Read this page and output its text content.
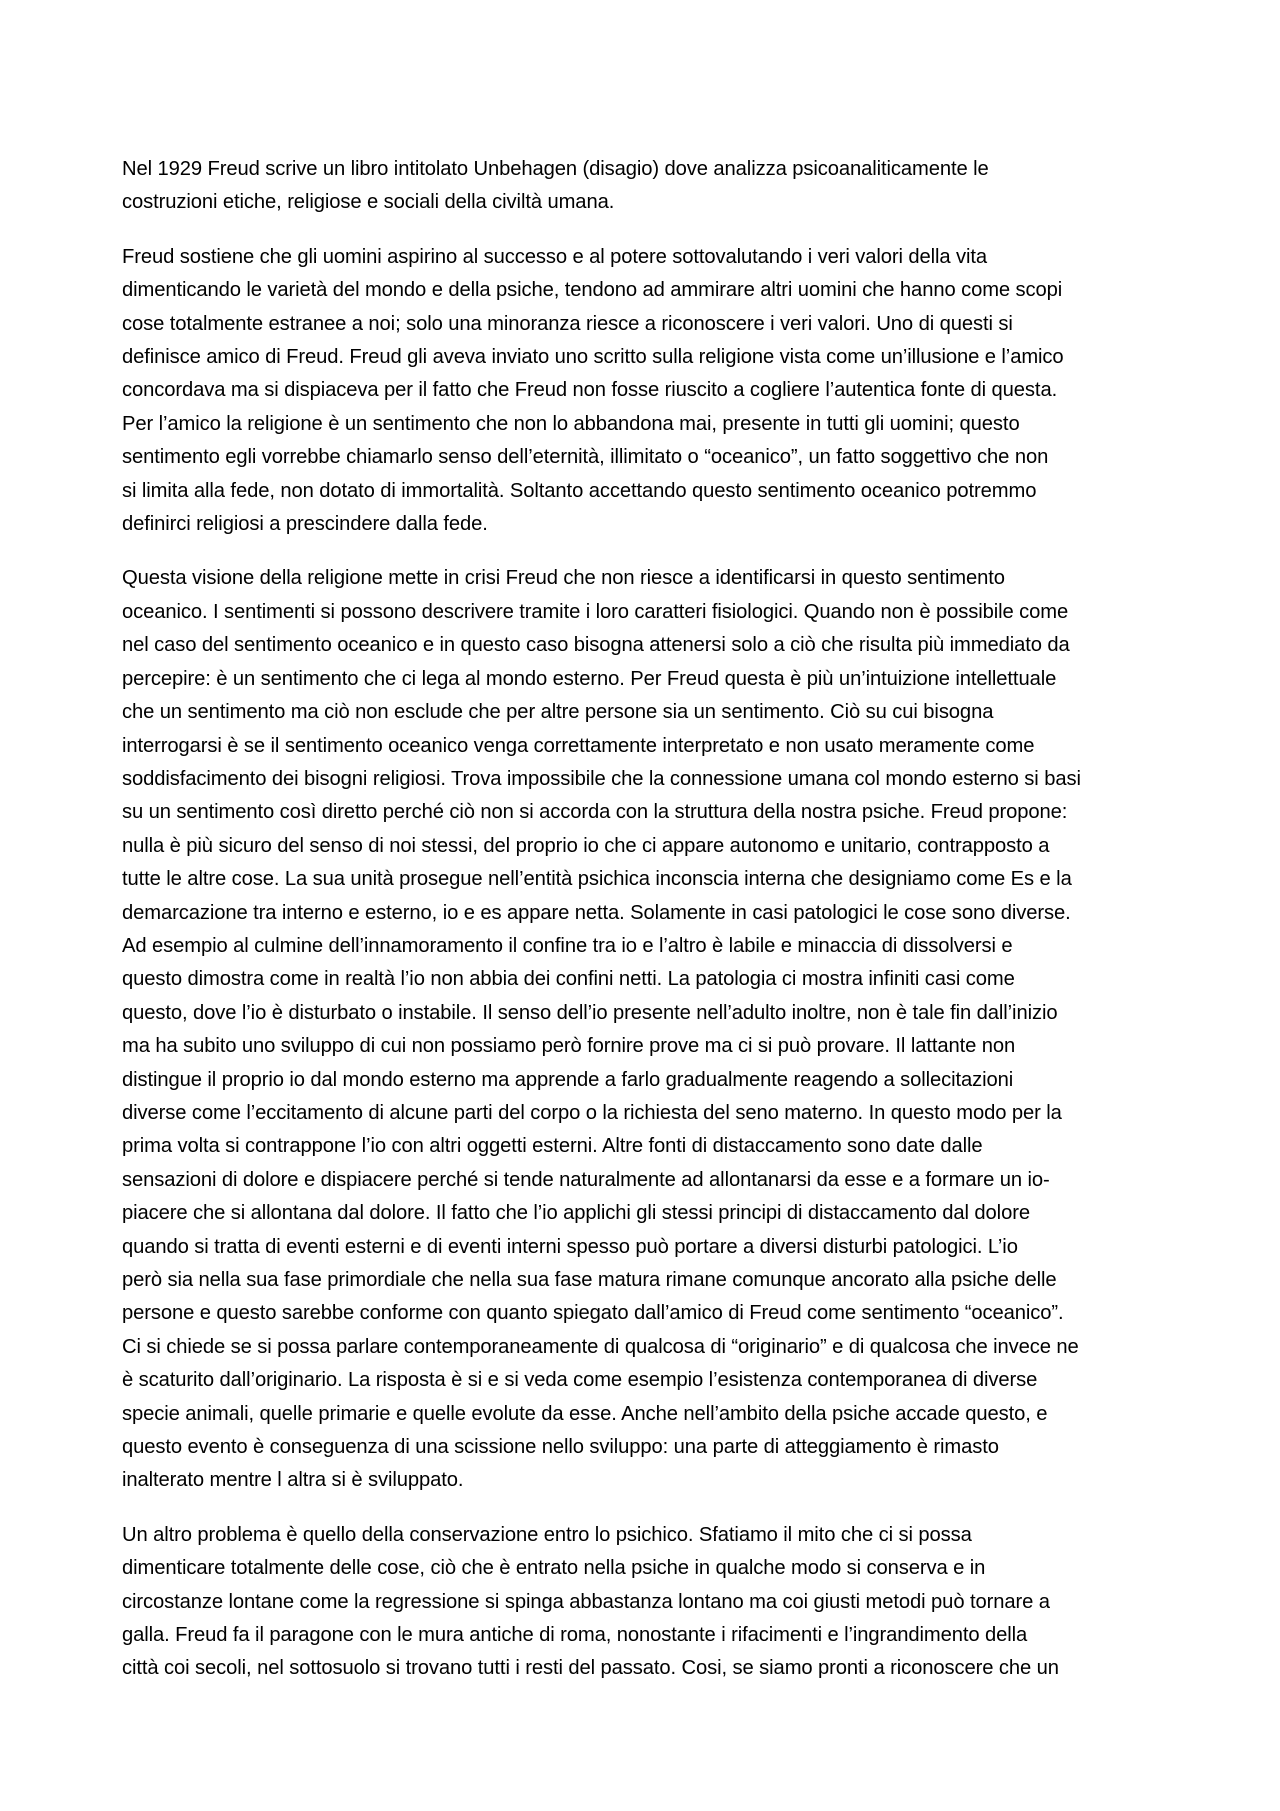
Nel 1929 Freud scrive un libro intitolato Unbehagen (disagio) dove analizza psicoanaliticamente le
costruzioni etiche, religiose e sociali della civiltà umana.

Freud sostiene che gli uomini aspirino al successo e al potere sottovalutando i veri valori della vita
dimenticando le varietà del mondo e della psiche, tendono ad ammirare altri uomini che hanno come scopi
cose totalmente estranee a noi; solo una minoranza riesce a riconoscere i veri valori. Uno di questi si
definisce amico di Freud. Freud gli aveva inviato uno scritto sulla religione vista come un’illusione e l’amico
concordava ma si dispiaceva per il fatto che Freud non fosse riuscito a cogliere l’autentica fonte di questa.
Per l’amico la religione è un sentimento che non lo abbandona mai, presente in tutti gli uomini; questo
sentimento egli vorrebbe chiamarlo senso dell’eternità, illimitato o “oceanico”, un fatto soggettivo che non
si limita alla fede, non dotato di immortalità. Soltanto accettando questo sentimento oceanico potremmo
definirci religiosi a prescindere dalla fede.

Questa visione della religione mette in crisi Freud che non riesce a identificarsi in questo sentimento
oceanico. I sentimenti si possono descrivere tramite i loro caratteri fisiologici. Quando non è possibile come
nel caso del sentimento oceanico e in questo caso bisogna attenersi solo a ciò che risulta più immediato da
percepire: è un sentimento che ci lega al mondo esterno. Per Freud questa è più un’intuizione intellettuale
che un sentimento ma ciò non esclude che per altre persone sia un sentimento. Ciò su cui bisogna
interrogarsi è se il sentimento oceanico venga correttamente interpretato e non usato meramente come
soddisfacimento dei bisogni religiosi. Trova impossibile che la connessione umana col mondo esterno si basi
su un sentimento così diretto perché ciò non si accorda con la struttura della nostra psiche. Freud propone:
nulla è più sicuro del senso di noi stessi, del proprio io che ci appare autonomo e unitario, contrapposto a
tutte le altre cose. La sua unità prosegue nell’entità psichica inconscia interna che designiamo come Es e la
demarcazione tra interno e esterno, io e es appare netta. Solamente in casi patologici le cose sono diverse.
Ad esempio al culmine dell’innamoramento il confine tra io e l’altro è labile e minaccia di dissolversi e
questo dimostra come in realtà l’io non abbia dei confini netti. La patologia ci mostra infiniti casi come
questo, dove l’io è disturbato o instabile. Il senso dell’io presente nell’adulto inoltre, non è tale fin dall’inizio
ma ha subito uno sviluppo di cui non possiamo però fornire prove ma ci si può provare. Il lattante non
distingue il proprio io dal mondo esterno ma apprende a farlo gradualmente reagendo a sollecitazioni
diverse come l’eccitamento di alcune parti del corpo o la richiesta del seno materno. In questo modo per la
prima volta si contrappone l’io con altri oggetti esterni. Altre fonti di distaccamento sono date dalle
sensazioni di dolore e dispiacere perché si tende naturalmente ad allontanarsi da esse e a formare un io-
piacere che si allontana dal dolore. Il fatto che l’io applichi gli stessi principi di distaccamento dal dolore
quando si tratta di eventi esterni e di eventi interni spesso può portare a diversi disturbi patologici. L’io
però sia nella sua fase primordiale che nella sua fase matura rimane comunque ancorato alla psiche delle
persone e questo sarebbe conforme con quanto spiegato dall’amico di Freud come sentimento “oceanico”.
Ci si chiede se si possa parlare contemporaneamente di qualcosa di “originario” e di qualcosa che invece ne
è scaturito dall’originario. La risposta è si e si veda come esempio l’esistenza contemporanea di diverse
specie animali, quelle primarie e quelle evolute da esse. Anche nell’ambito della psiche accade questo, e
questo evento è conseguenza di una scissione nello sviluppo: una parte di atteggiamento è rimasto
inalterato mentre l altra si è sviluppato.

Un altro problema è quello della conservazione entro lo psichico. Sfatiamo il mito che ci si possa
dimenticare totalmente delle cose, ciò che è entrato nella psiche in qualche modo si conserva e in
circostanze lontane come la regressione si spinga abbastanza lontano ma coi giusti metodi può tornare a
galla. Freud fa il paragone con le mura antiche di roma, nonostante i rifacimenti e l’ingrandimento della
città coi secoli, nel sottosuolo si trovano tutti i resti del passato. Cosi, se siamo pronti a riconoscere che un
